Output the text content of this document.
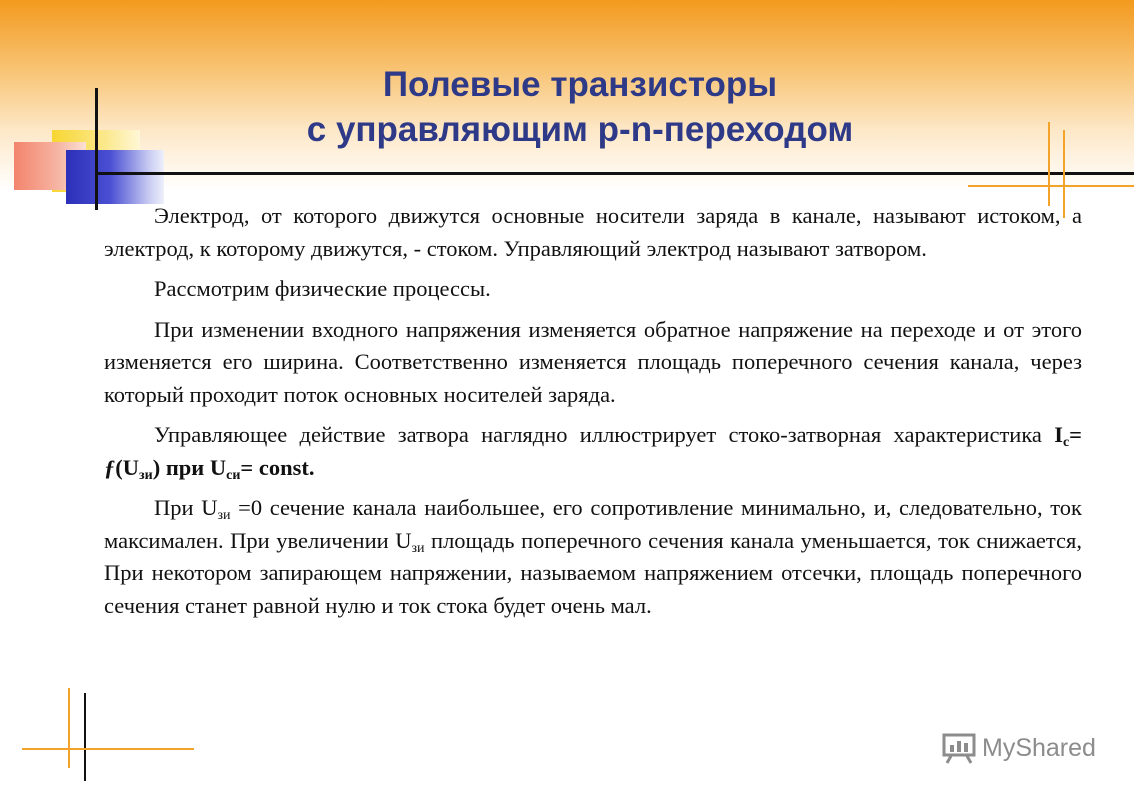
Полевые транзисторы
с управляющим p-n-переходом

Электрод, от которого движутся основные носители заряда в канале, называют истоком, а электрод, к которому движутся, - стоком. Управляющий электрод называют затвором.

Рассмотрим физические процессы.

При изменении входного напряжения изменяется обратное напряжение на переходе и от этого изменяется его ширина. Соответственно изменяется площадь поперечного сечения канала, через который проходит поток основных носителей заряда.

Управляющее действие затвора наглядно иллюстрирует стоко-затворная характеристика $I_c=$ $ƒ(U_{зи})$ при $U_{си}=$ const.

При $U_{зи} =0$ сечение канала наибольшее, его сопротивление минимально, и, следовательно, ток максимален. При увеличении $U_{зи}$ площадь поперечного сечения канала уменьшается, ток снижается, При некотором запирающем напряжении, называемом напряжением отсечки, площадь поперечного сечения станет равной нулю и ток стока будет очень мал.

MyShared
